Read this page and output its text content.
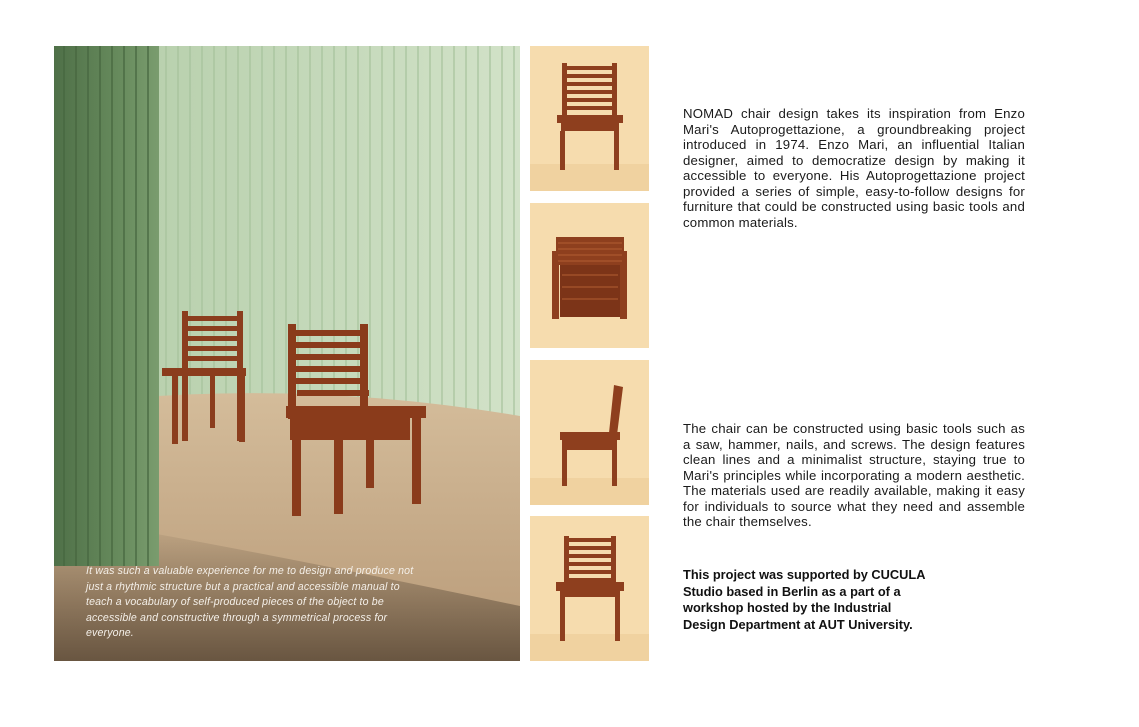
It was such a valuable experience for me to design and produce not just a rhythmic structure but a practical and accessible manual to teach a vocabulary of self-produced pieces of the object to be accessible and constructive through a symmetrical process for everyone.

NOMAD chair design takes its inspiration from Enzo Mari's Autoprogettazione, a groundbreaking project introduced in 1974. Enzo Mari, an influential Italian designer, aimed to democratize design by making it accessible to everyone. His Autoprogettazione project provided a series of simple, easy-to-follow designs for furniture that could be constructed using basic tools and common materials.

The chair can be constructed using basic tools such as a saw, hammer, nails, and screws. The design features clean lines and a minimalist structure, staying true to Mari's principles while incorporating a modern aesthetic. The materials used are readily available, making it easy for individuals to source what they need and assemble the chair themselves.

This project was supported by CUCULA Studio based in Berlin as a part of a workshop hosted by the Industrial Design Department at AUT University.
